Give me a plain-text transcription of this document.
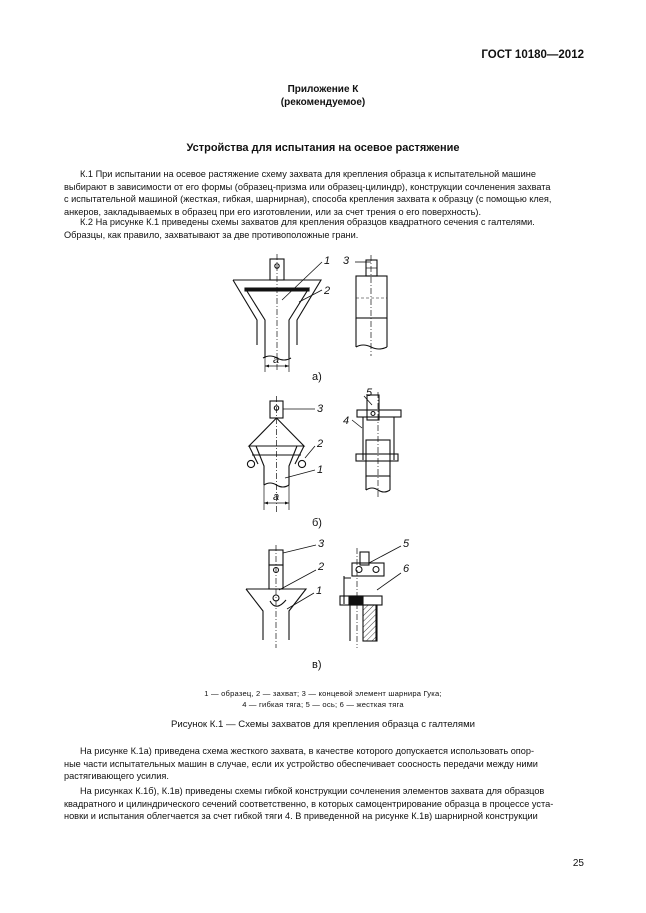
ГОСТ 10180—2012
Приложение К
(рекомендуемое)
Устройства для испытания на осевое растяжение
К.1 При испытании на осевое растяжение схему захвата для крепления образца к испытательной машине
выбирают в зависимости от его формы (образец-призма или образец-цилиндр), конструкции сочленения захвата
с испытательной машиной (жесткая, гибкая, шарнирная), способа крепления захвата к образцу (с помощью клея,
анкеров, закладываемых в образец при его изготовлении, или за счет трения о его поверхность).
К.2 На рисунке К.1 приведены схемы захватов для крепления образцов квадратного сечения с галтелями.
Образцы, как правило, захватывают за две противоположные грани.
1
2
3
a
3
2
1
5
4
a
3
2
1
5
6
а)
б)
в)
1 — образец, 2 — захват; 3 — концевой элемент шарнира Гука;
4 — гибкая тяга; 5 — ось; 6 — жесткая тяга
Рисунок К.1 — Схемы захватов для крепления образца с галтелями
На рисунке К.1а) приведена схема жесткого захвата, в качестве которого допускается использовать опор-
ные части испытательных машин в случае, если их устройство обеспечивает соосность передачи между ними
растягивающего усилия.
На рисунках К.1б), К.1в) приведены схемы гибкой конструкции сочленения элементов захвата для образцов
квадратного и цилиндрического сечений соответственно, в которых самоцентрирование образца в процессе уста-
новки и испытания облегчается за счет гибкой тяги 4. В приведенной на рисунке К.1в) шарнирной конструкции
25
